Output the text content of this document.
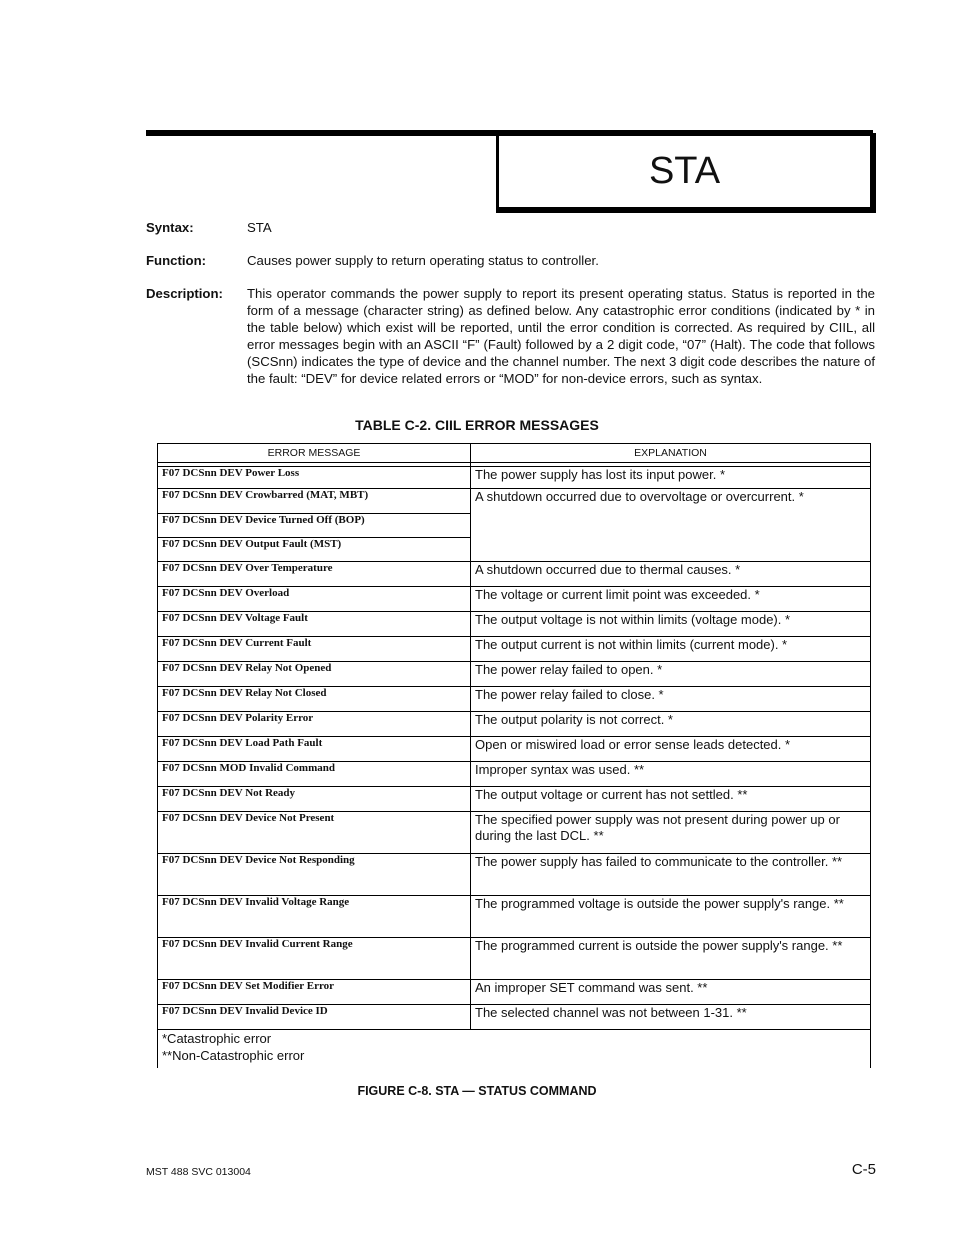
STA
Syntax:	STA
Function:	Causes power supply to return operating status to controller.
Description: This operator commands the power supply to report its present operating status. Status is reported in the form of a message (character string) as defined below. Any catastrophic error conditions (indicated by * in the table below) which exist will be reported, until the error condition is corrected. As required by CIIL, all error messages begin with an ASCII “F” (Fault) followed by a 2 digit code, “07” (Halt). The code that follows (SCSnn) indicates the type of device and the channel number. The next 3 digit code describes the nature of the fault: “DEV” for device related errors or “MOD” for non-device errors, such as syntax.
TABLE C-2. CIIL ERROR MESSAGES
ERROR MESSAGE	EXPLANATION

F07 DCSnn DEV Power Loss	The power supply has lost its input power. *
F07 DCSnn DEV Crowbarred (MAT, MBT)	A shutdown occurred due to overvoltage or overcurrent. *
F07 DCSnn DEV Device Turned Off (BOP)	
F07 DCSnn DEV Output Fault (MST)	
F07 DCSnn DEV Over Temperature	A shutdown occurred due to thermal causes. *
F07 DCSnn DEV Overload	The voltage or current limit point was exceeded. *
F07 DCSnn DEV Voltage Fault	The output voltage is not within limits (voltage mode). *
F07 DCSnn DEV Current Fault	The output current is not within limits (current mode). *
F07 DCSnn DEV Relay Not Opened	The power relay failed to open. *
F07 DCSnn DEV Relay Not Closed	The power relay failed to close. *
F07 DCSnn DEV Polarity Error	The output polarity is not correct. *
F07 DCSnn DEV Load Path Fault	Open or miswired load or error sense leads detected. *
F07 DCSnn MOD Invalid Command	Improper syntax was used. **
F07 DCSnn DEV Not Ready	The output voltage or current has not settled. **
F07 DCSnn DEV Device Not Present	The specified power supply was not present during power up or during the last DCL. **
F07 DCSnn DEV Device Not Responding	The power supply has failed to communicate to the controller. **
F07 DCSnn DEV Invalid Voltage Range	The programmed voltage is outside the power supply's range. **
F07 DCSnn DEV Invalid Current Range	The programmed current is outside the power supply's range. **
F07 DCSnn DEV Set Modifier Error	An improper SET command was sent. **
F07 DCSnn DEV Invalid Device ID	The selected channel was not between 1-31. **

*Catastrophic error
**Non-Catastrophic error	
FIGURE C-8. STA — STATUS COMMAND
MST 488 SVC 013004	C-5
